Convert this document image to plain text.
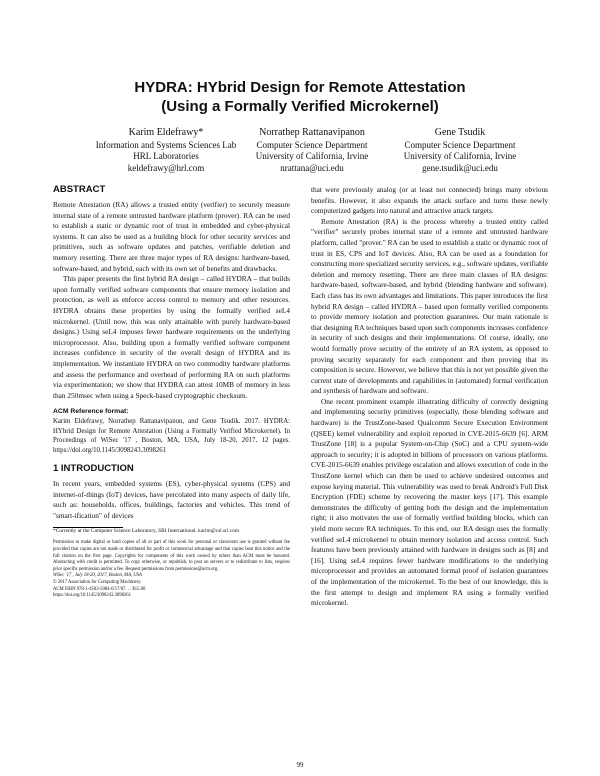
HYDRA: HYbrid Design for Remote Attestation
(Using a Formally Verified Microkernel)
Karim Eldefrawy*
Information and Systems Sciences Lab
HRL Laboratories
keldefrawy@hrl.com
Norrathep Rattanavipanon
Computer Science Department
University of California, Irvine
nrattana@uci.edu
Gene Tsudik
Computer Science Department
University of California, Irvine
gene.tsudik@uci.edu
ABSTRACT

Remote Attestation (RA) allows a trusted entity (verifier) to securely measure internal state of a remote untrusted hardware platform (prover). RA can be used to establish a static or dynamic root of trust in embedded and cyber-physical systems. It can also be used as a building block for other security services and primitives, such as software updates and patches, verifiable deletion and memory resetting. There are three major types of RA designs: hardware-based, software-based, and hybrid, each with its own set of benefits and drawbacks.

This paper presents the first hybrid RA design – called HYDRA – that builds upon formally verified software components that ensure memory isolation and protection, as well as enforce access control to memory and other resources. HYDRA obtains these properties by using the formally verified seL4 microkernel. (Until now, this was only attainable with purely hardware-based designs.) Using seL4 imposes fewer hardware requirements on the underlying microprocessor. Also, building upon a formally verified software component increases confidence in security of the overall design of HYDRA and its implementation. We instantiate HYDRA on two commodity hardware platforms and assess the performance and overhead of performing RA on such platforms via experimentation; we show that HYDRA can attest 10MB of memory in less than 250msec when using a Speck-based cryptographic checksum.

ACM Reference format:

Karim Eldefrawy, Norrathep Rattanavipanon, and Gene Tsudik. 2017. HYDRA: HYbrid Design for Remote Attestation (Using a Formally Verified Microkernel). In Proceedings of WiSec '17 , Boston, MA, USA, July 18-20, 2017, 12 pages. https://doi.org/10.1145/3098243.3098261

1 INTRODUCTION

In recent years, embedded systems (ES), cyber-physical systems (CPS) and internet-of-things (IoT) devices, have percolated into many aspects of daily life, such as: households, offices, buildings, factories and vehicles. This trend of "smart-ification" of devices

*Currently at the Computer Science Laboratory, SRI International. karim@csl.sri.com

Permission to make digital or hard copies of all or part of this work for personal or classroom use is granted without fee provided that copies are not made or distributed for profit or commercial advantage and that copies bear this notice and the full citation on the first page. Copyrights for components of this work owned by others than ACM must be honored. Abstracting with credit is permitted. To copy otherwise, or republish, to post on servers or to redistribute to lists, requires prior specific permission and/or a fee. Request permissions from permissions@acm.org.

WiSec '17 , July 18-20, 2017, Boston, MA, USA

© 2017 Association for Computing Machinery.

ACM ISBN 978-1-4503-5084-6/17/07. . . $15.00

https://doi.org/10.1145/3098243.3098261

that were previously analog (or at least not connected) brings many obvious benefits. However, it also expands the attack surface and turns these newly computerized gadgets into natural and attractive attack targets.

Remote Attestation (RA) is the process whereby a trusted entity called "verifier" securely probes internal state of a remote and untrusted hardware platform, called "prover." RA can be used to establish a static or dynamic root of trust in ES, CPS and IoT devices. Also, RA can be used as a foundation for constructing more specialized security services, e.g., software updates, verifiable deletion and memory resetting. There are three main classes of RA designs: hardware-based, software-based, and hybrid (blending hardware and software). Each class has its own advantages and limitations. This paper introduces the first hybrid RA design – called HYDRA – based upon formally verified components to provide memory isolation and protection guarantees. Our main rationale is that designing RA techniques based upon such components increases confidence in security of such designs and their implementations. Of course, ideally, one would formally prove security of the entirety of an RA system, as opposed to proving security separately for each component and then proving that its composition is secure. However, we believe that this is not yet possible given the current state of developments and capabilities in (automated) formal verification and synthesis of hardware and software.

One recent prominent example illustrating difficulty of correctly designing and implementing security primitives (especially, those blending software and hardware) is the TrustZone-based Qualcomm Secure Execution Environment (QSEE) kernel vulnerability and exploit reported in CVE-2015-6639 [6]. ARM TrustZone [18] is a popular System-on-Chip (SoC) and a CPU system-wide approach to security; it is adopted in billions of processors on various platforms. CVE-2015-6639 enables privilege escalation and allows execution of code in the TrustZone kernel which can then be used to achieve undesired outcomes and expose keying material. This vulnerability was used to break Android's Full Disk Encryption (FDE) scheme by recovering the master keys [17]. This example demonstrates the difficulty of getting both the design and the implementation right; it also motivates the use of formally verified building blocks, which can yield more secure RA techniques. To this end, our RA design uses the formally verified seL4 microkernel to obtain memory isolation and access control. Such features have been previously attained with hardware in designs such as [8] and [16]. Using seL4 requires fewer hardware modifications to the underlying microprocessor and provides an automated formal proof of isolation guarantees of the implementation of the microkernel. To the best of our knowledge, this is the first attempt to design and implement RA using a formally verified microkernel.

99
